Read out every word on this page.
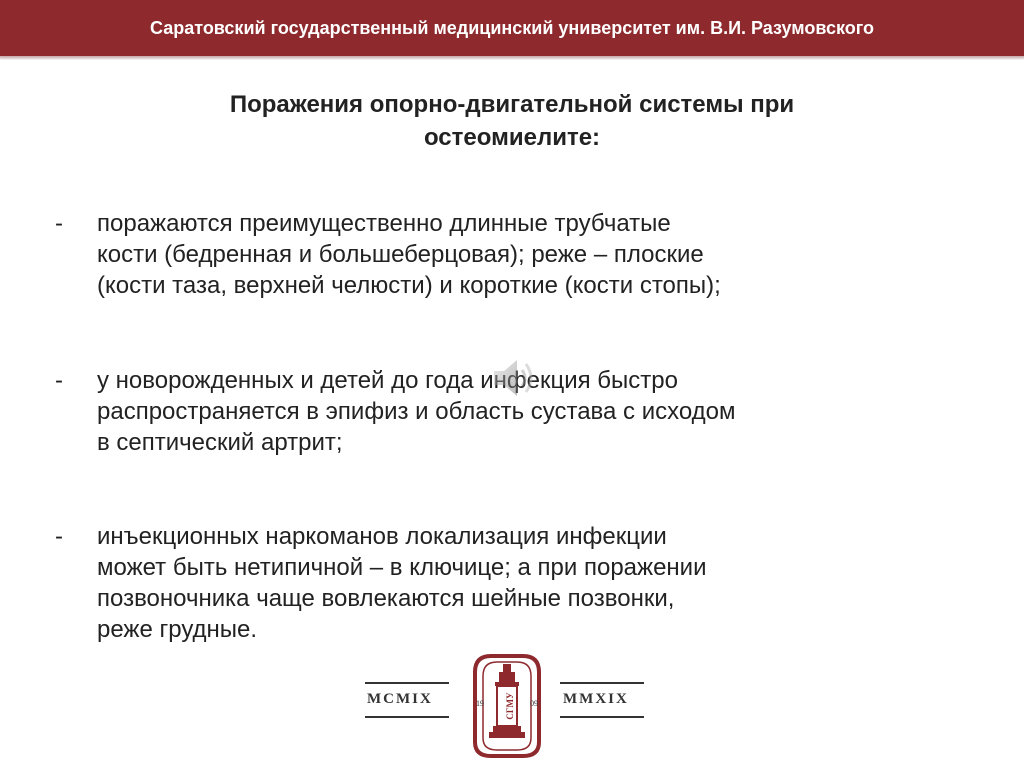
Саратовский государственный медицинский университет им. В.И. Разумовского
Поражения опорно-двигательной системы при
остеомиелите:
- поражаются преимущественно длинные трубчатые
кости (бедренная и большеберцовая); реже – плоские
(кости таза, верхней челюсти) и короткие (кости стопы);
- у новорожденных и детей до года инфекция быстро
распространяется в эпифиз и область сустава с исходом
в септический артрит;
- инъекционных наркоманов локализация инфекции
может быть нетипичной – в ключице; а при поражении
позвоночника чаще вовлекаются шейные позвонки,
реже грудные.
MCMIX	СГМУ
19	09 MMXIX
